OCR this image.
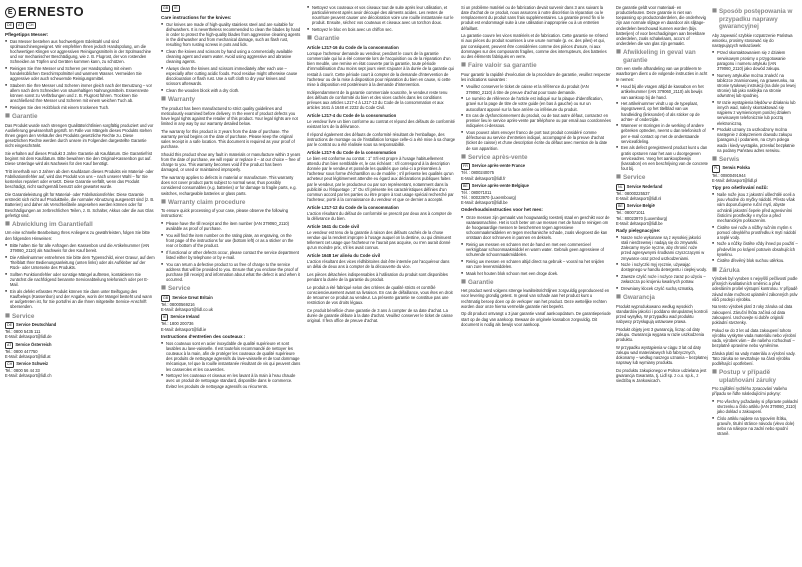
E ERNESTO
DE	AT	CH
Pflegetipps Messer:
■ Das Messer bestehen aus hochwertigem Edelstahl und sind spülmaschinengeeignet. Wir empfehlen Ihnen jedoch Handspülung, um die hochwertigen Klingen vor aggressiven Reinigungsmitteln in der Spülmaschine und vor mechanischer Beschädigung, wie z. B. Flugrost, der von rostenden Schneiden an Töpfen und Geräten kommen kann, zu schützen.
■ Reinigen Sie Ihre Messer und Scheren per Handspülung mit einem handelsüblichen Geschirrspülmittel und warmem Wasser. Vermeiden Sie aggressive oder auch scheuernde Reinigungsmittel.
■ Säubern Sie Ihre Messer und Scheren immer gleich nach der Benutzung – vor allem nach dem Schneiden von säurehaltigen Nahrungsmitteln. Essensreste können sonst zu Verfärbungen und z. B. Flugrost führen. Trocknen Sie anschließend Ihre Messer und Scheren mit einem weichen Tuch ab.
■ Reinigen Sie den Holzblock mit einem trockenen Tuch.
◼ Garantie

Das Produkt wurde nach strengen Qualitätsrichtlinien sorgfältig produziert und vor Auslieferung gewissenhaft geprüft. Im Falle von Mängeln dieses Produkts stehen Ihnen gegen den Verkäufer des Produkts gesetzliche Rechte zu. Diese gesetzlichen Rechte werden durch unsere im Folgenden dargestellte Garantie nicht eingeschränkt.

Sie erhalten auf dieses Produkt 3 Jahre Garantie ab Kaufdatum. Die Garantiefrist beginnt mit dem Kaufdatum. Bitte bewahren Sie den Original-Kassenbon gut auf. Diese Unterlage wird als Nachweis für den Kauf benötigt.

Tritt innerhalb von 3 Jahren ab dem Kaufdatum dieses Produkts ein Material- oder Fabrikationsfehler auf, wird das Produkt von uns – nach unserer Wahl – für Sie kostenlos repariert oder ersetzt. Diese Garantie verfällt, wenn das Produkt beschädigt, nicht sachgemäß benutzt oder gewartet wurde.

Die Garantieleistung gilt für Material- oder Fabrikationsfehler. Diese Garantie erstreckt sich nicht auf Produktteile, die normaler Abnutzung ausgesetzt sind (z. B. Batterien) und daher als Verschleißteile angesehen werden können oder für Beschädigungen an zerbrechlichen Teilen, z. B. Schalter, Akkus oder die aus Glas gefertigt sind.

◼ Abwicklung im Garantiefall

Um eine schnelle Bearbeitung Ihres Anliegens zu gewährleisten, folgen Sie bitte den folgenden Hinweisen:

■ Bitte halten Sie für alle Anfragen den Kassenbon und die Artikelnummer (IAN 379060_2110) als Nachweis für den Kauf bereit.
■ Die Artikelnummer entnehmen Sie bitte dem Typenschild, einer Gravur, auf dem Titelblatt Ihrer Bedienungsanleitung (unten links) oder als Aufkleber auf der Rück- oder Unterseite des Produkts.
■ Sollten Funktionsfehler oder sonstige Mängel auftreten, kontaktieren Sie zunächst die nachfolgend benannte Serviceabteilung telefonisch oder per E-Mail.
■ Ein als defekt erfasstes Produkt können Sie dann unter Beifügung des Kaufbelegs (Kassenbon) und der Angabe, worin der Mangel besteht und wann er aufgetreten ist, für Sie portofrei an die Ihnen mitgeteilte Service-Anschrift übersenden.
◼ Service
DE Service Deutschland
Tel.: 0800 5435 111
E-Mail: deltasport@lidl.de
AT Service Österreich
Tel.: 0800 447750
E-Mail: deltasport@lidl.at
CH Service Schweiz
Tel.: 0800 56 44 33
E-Mail: deltasport@lidl.ch
GB	IE
Care instructions for the knives:
■ Our knives are made of high-quality stainless steel and are suitable for dishwashers. It is nevertheless recommended to clean the blades by hand in order to protect the high-quality blades from aggressive cleaning agents in the dishwasher and from mechanical damage, such as flash rust, resulting from rusting screws in pots and lids.
■ Clean the knives and scissors by hand using a commercially available cleaning agent and warm water. Avoid using aggressive and abrasive cleaning agents.
■ Always clean the knives and scissors immediately after each use – especially after cutting acidic foods. Food residue might otherwise cause discolouration or flash rust. Use a soft cloth to dry your knives and scissors afterwards.
■ Clean the wooden block with a dry cloth.
◼ Warranty

The product has been manufactured to strict quality guidelines and meticulously examined before delivery. In the event of product defects you have legal rights against the retailer of this product. Your legal rights are not limited in any way by our warranty detailed below.

The warranty for this product is 3 years from the date of purchase. The warranty period begins on the date of purchase. Please keep the original sales receipt in a safe location. This document is required as your proof of purchase.

Should this product show any fault in materials or manufacture within 3 years from the date of purchase, we will repair or replace it – at our choice – free of charge to you. This warranty becomes void if the product has been damaged, or used or maintained improperly.

The warranty applies to defects in material or manufacture. This warranty does not cover product parts subject to normal wear, thus possibly considered consumables (e.g. batteries) or for damage to fragile parts, e.g. switches, rechargeable batteries or glass parts.

◼ Warranty claim procedure

To ensure quick processing of your case, please observe the following instructions:

■ Please have the till receipt and the item number (IAN 379060_2110) available as proof of purchase.
■ You will find the item number on the rating plate, an engraving, on the front page of the instructions for use (bottom left) or as a sticker on the rear or bottom of the product.
■ If functional or other defects occur, please contact the service department listed either by telephone or by e-mail.
■ You can return a defective product to us free of charge to the service address that will be provided to you. Ensure that you enclose the proof of purchase (till receipt) and information about what the defect is and when it occurred.
◼ Service
GB Service Great Britain
Tel.: 08000569216
E-Mail: deltasport@lidl.co.uk
IE Service Ireland
Tel.: 1800 200736
E-Mail: deltasport@lidl.ie
Instructions d'entretien des couteaux :
■ Nos couteaux sont en acier inoxydable de qualité supérieure et sont lavables au lave-vaisselle. Il est toutefois recommandé de nettoyer les couteaux à la main, afin de protéger les couteaux de qualité supérieure des produits de nettoyage agressifs du lave-vaisselle et de tout dommage mécanique, tel que la rouille instantanée résultant de vis qui peuvent dans les casseroles et les couvercles.
■ Nettoyez les couteaux et ciseaux en les lavant à la main à l'eau chaude avec un produit de nettoyage standard, disponible dans le commerce. Évitez les produits de nettoyage agressifs ou récurrents.
■ Nettoyez vos couteaux et vos ciseaux tout de suite après leur utilisation, et particulièrement après avoir découpé des aliments acides. Les restes de nourriture peuvent causer une décoloration voire une rouille instantanée sur le produit. Ensuite, séchez vos couteaux et ciseaux avec un torchon doux.
■ Nettoyez le bloc en bois avec un chiffon sec.
◼ Garantie
Article L217-16 du Code de la consommation

Lorsque l'acheteur demande au vendeur, pendant le cours de la garantie commerciale qui lui a été consentie lors de l'acquisition ou de la réparation d'un bien meuble, une remise en état couverte par la garantie, toute période d'immobilisation d'au moins sept jours vient s'ajouter à la durée de la garantie qui restait à courir. Cette période court à compter de la demande d'intervention de l'acheteur ou de la mise à disposition pour réparation du bien en cause, si cette mise à disposition est postérieure à la demande d'intervention.

Indépendamment de la garantie commerciale souscrite, le vendeur reste tenu des défauts de conformité du bien et des vices cachés dans les conditions prévues aux articles L217-4 à L217-13 du Code de la consommation et aux articles 1641 à 1648 et 2232 du Code Civil.

Article L217-4 du Code de la consommation

Le vendeur livre un bien conforme au contrat et répond des défauts de conformité existant lors de la délivrance.

Il répond également des défauts de conformité résultant de l'emballage, des instructions de montage ou de l'installation lorsque celle-ci a été mise à sa charge par le contrat ou a été réalisée sous sa responsabilité.

Article L217-5 du Code de la consommation

Le bien est conforme au contrat : 1° S'il est propre à l'usage habituellement attendu d'un bien semblable et, le cas échéant : s'il correspond à la description donnée par le vendeur et possède les qualités que celui-ci a présentées à l'acheteur sous forme d'échantillon ou de modèle ; s'il présente les qualités qu'un acheteur peut légitimement attendre eu égard aux déclarations publiques faites par le vendeur, par le producteur ou par son représentant, notamment dans la publicité ou l'étiquetage ; 2° Ou s'il présente les caractéristiques définies d'un commun accord par les parties ou être propre à tout usage spécial recherché par l'acheteur, porté à la connaissance du vendeur et que ce dernier a accepté.

Article L217-12 du Code de la consommation

L'action résultant du défaut de conformité se prescrit par deux ans à compter de la délivrance du bien.

Article 1641 du Code civil

Le vendeur est tenu de la garantie à raison des défauts cachés de la chose vendue qui la rendent impropre à l'usage auquel on la destine, ou qui diminuent tellement cet usage que l'acheteur ne l'aurait pas acquise, ou n'en aurait donné qu'un moindre prix, s'il les avait connus.

Article 1648 1er alinéa du Code civil

L'action résultant des vices rédhibitoires doit être intentée par l'acquéreur dans un délai de deux ans à compter de la découverte du vice.

Les pièces détachées indispensables à l'utilisation du produit sont disponibles pendant la durée de la garantie du produit.

Le produit a été fabriqué selon des critères de qualité stricts et contrôlé consciencieusement avant sa livraison. En cas de défaillance, vous êtes en droit de retourner ce produit au vendeur. La présente garantie ne constitue pas une restriction de vos droits légaux.

Ce produit bénéficie d'une garantie de 3 ans à compter de sa date d'achat. La durée de garantie débute à la date d'achat. Veuillez conserver le ticket de caisse original. Il fera office de preuve d'achat.

Si un problème matériel ou de fabrication devait survenir dans 3 ans suivant la date d'achat de ce produit, nous assurons à notre discrétion la réparation ou le remplacement du produit sans frais supplémentaires. La garantie prend fin si le produit est endommagé suite à une utilisation inappropriée ou à un entretien défaillant.

La garantie couvre les vices matériels et de fabrication. Cette garantie ne s'étend ni aux pièces du produit soumises à une usure normale (p. ex. des piles) et qui, par conséquent, peuvent être considérées comme des pièces d'usure, ni aux dommages sur des composants fragiles, comme des interrupteurs, des batteries ou des éléments fabriqués en verre.

◼ Faire valoir sa garantie

Pour garantir la rapidité d'exécution de la procédure de garantie, veuillez respecter les indications suivantes :

■ Veuillez conserver le ticket de caisse et la référence du produit (IAN 379060_2110) à titre de preuve d'achat pour toute demande.
■ Le numéro de référence de l'article est indiqué sur la plaque d'identification, gravé sur la page de titre de votre guide (en bas à gauche) ou sur un autocollant apposé sur la face arrière ou inférieure du produit.
■ En cas de dysfonctionnement du produit, ou de tout autre défaut, contactez en premier lieu le service après-vente par téléphone ou par email aux coordonnées indiquées ci-dessous.
■ Vous pouvez alors envoyer franco de port tout produit considéré comme défectueux au service d'entretien indiqué, accompagné de la preuve d'achat (ticket de caisse) et d'une description écrite du défaut avec mention de la date de son apparition.
◼ Service après-vente
FR Service après-vente France
Tél. : 0800240075
E-Mail: deltasport@lidl.fr
BE Service après-vente Belgique
Tél. : 080071011
Tél. : 80023970 (Luxembourg)
E-Mail: deltasport@lidl.be
Onderhoudsinstructies voor het mes:
■ Onze messen zijn gemaakt van hoogwaardig roestvrij staal en geschikt voor de vaatwasmachine. Het is toch beter om uw messen met de hand te reinigen om de hoogwaardige messen te beschermen tegen agressieve schoonmaakmiddelen en tegen mechanische schade, zoals vliegroest die kan ontstaan door schroeven in pannen en deksels.
■ Reinig uw messen en scharen met de hand en met een commercieel verkrijgbaar schoonmaakmiddel en warm water. Gebruik geen agressieve of schurende schoonmaakmiddelen.
■ Reinig uw messen en scharen altijd direct na gebruik – vooral na het snijden van zure levensmiddelen.
■ Maak het houten blok schoon met een droge doek.
◼ Garantie

Het product werd volgens strenge kwaliteitsrichtlijnen zorgvuldig geproduceerd en voor levering grondig getest. In geval van schade aan het product kunt u rechtmatig beroep doen op de verkoper van het product. Deze wettelijke rechten worden door onze hierna vermelde garantie niet beperkt.

Op dit product ontvangt u 3 jaar garantie vanaf aankoopdatum. De garantieperiode start op de dag van aankoop. Bewaar de originele kassabon zorgvuldig. Dit document is nodig als bewijs voor aankoop.

De garantie geldt voor materiaal- en productiefouten. Deze garantie is niet van toepassing op productonderdelen, die onderhevig zijn aan normale slijtage en daardoor als slijtage-onderdelen beschouwd kunnen worden (bijv. batterijen) of voor beschadigingen aan breekbare onderdelen, zoals schakelaars, accu's of onderdelen die van glas zijn gemaakt.

◼ Afwikkeling in geval van garantie

Om een snelle afhandeling van uw probleem te waarborgen dient u de volgende instructies in acht te nemen:

■ Houd bij alle vragen altijd de kassabon en het artikelnummer (IAN 379060_2110) als bewijs van aankoop bij de hand.
■ Het artikelnummer vindt u op de typeplaat, ingegraveerd, op het titelblad van uw handleiding (linksonder) of als sticker op de achter- of onderzijde.
■ Wanneer er storingen in de werking of andere gebreken optreden, neemt u dan telefonisch of per e-mail contact op met de onderstaande serviceafdeling.
■ Een als defect geregistreerd product kunt u dan gratis opsturen naar het aan u doorgegeven serviceadres. Voeg het aankoopbewijs (kassabon) en een beschrijving van de concrete fout bij.
◼ Service
NL Service Nederland
Tel.: 08000225537
E-Mail: deltasport@lidl.nl
BE Service België
Tel.: 080071011
Tel.: 80023970 (Luxemburg)
E-Mail: deltasport@lidl.be
Rady pielęgnacyjne:
■ Nasze noże wykonane są z wysokiej jakości stali nierdzewnej i nadają się do zmywarki. Zalecamy mycie ręczne, aby chronić noże przed agresywnymi środkami czyszczącymi w zmywarce oraz przed uszkodzeniami.
■ Noże i nożyczki myj ręcznie, używając dostępnego w handlu detergentu i ciepłej wody.
■ Zawsze czyść noże i nożyce zaraz po użyciu – zwłaszcza po krojeniu kwaśnych potraw.
■ Drewniany klocek czyść suchą szmatką.
◼ Gwarancja

Produkt wyprodukowano według wysokich standardów jakości i poddano skrupulatnej kontroli przed wysyłką. W przypadku wad produktu nabywcy przysługują ustawowe prawa.

Produkt objęty jest 3 gwarancją, licząc od daty zakupu. Gwarancja wygasa w razie uszkodzenia produktu.

W przypadku wystąpienia w ciągu 3 lat od daty zakupu wad materiałowych lub fabrycznych, dokonamy – według naszego uznania – bezpłatnej naprawy lub wymiany produktu.

Do produktu zakupionego w Polsce udzielana jest gwarancja Gwaranta, tj. Lidl sp. z o.o. sp.k., z siedzibą w Jankowicach.

◼ Sposób postępowania w przypadku naprawy gwarancyjnej

Aby zapewnić szybkie rozpatrzenie Państwa wniosku, prosimy stosować się do następujących wskazówek:

■ Przed skontaktowaniem się z działem serwisowym prosimy o przygotowanie paragonu i numeru artykułu (IAN 379060_2110) jako dowód zakupu.
■ Numery artykułów można znaleźć na tabliczce znamionowej, na grawerunku, na stronie tytułowej instrukcji (na dole po lewej stronie) lub jako naklejka na stronie odwrotnej lub spodniej.
■ W razie wystąpienia błędów w działaniu lub innych wad, należy skontaktować się najpierw z wymienionym poniżej działem serwisowym telefonicznie lub pocztą elektroniczną.
■ Produkt uznany za uszkodzony można następnie z dołączeniem dowodu zakupu (paragonu) i podaniem, na czym polega wada i kiedy wystąpiła, przesłać bezpłatnie na podany Państwu adres serwisu.
◼ Serwis
PL Serwis Polska
Tel.: 00800491944
E-Mail: deltasport@lidl.pl
Tipy pro ošetřování nožů:
■ Naše nože jsou z jakostní ušlechtilé oceli a jsou vhodné do myčky nádobí. Přesto však vám doporučujeme ruční mytí, abyste ochránili jakostní čepele před agresivními čisticími prostředky v myčce a před mechanickým poškozením.
■ Čistěte své nože a nůžky ručním mytím s pomocí obvyklého prostředku k mytí nádobí a teplé vody.
■ Nože a nůžky čistěte vždy ihned po použití – především po krájení potravin obsahujících kyselinu.
■ Čistěte dřevěný blok suchou utěrkou.
◼ Záruka

Výrobek byl vyroben s nejvyšší pečlivostí podle přísných kvalitativních směrnic a před odesláním prošel výstupní kontrolou. V případě závad máte možnost uplatnění zákonných práv vůči prodejci výrobku.

Na tento výrobek platí 3 roky záruka od data zakoupení. Záruční lhůta začíná od data zakoupení. Uschovejte si dobře originál pokladní stvrzenky.

Pokud se do 3 let od data zakoupení tohoto výrobku vyskytne vada materiálu nebo výrobní vada, výrobek vám – dle našeho rozhodnutí – bezplatně opravíme nebo vyměníme.

Záruka platí na vady materiálu a výrobní vady. Tato záruka se nevztahuje na části výrobku podléhající opotřebení.

◼ Postup v případě uplatňování záruky

Pro zajištění rychlého zpracování Vašeho případu se řiďte následujícími pokyny:

■ Pro všechny požadavky si připravte pokladní stvrzenku a číslo artiklu (IAN 379060_2110) jako doklad o zakoupení.
■ Číslo artiklu najdete na typovém štítku, gravuře, titulní stránce návodu (vlevo dole) nebo na nálepce na zadní nebo spodní straně.
